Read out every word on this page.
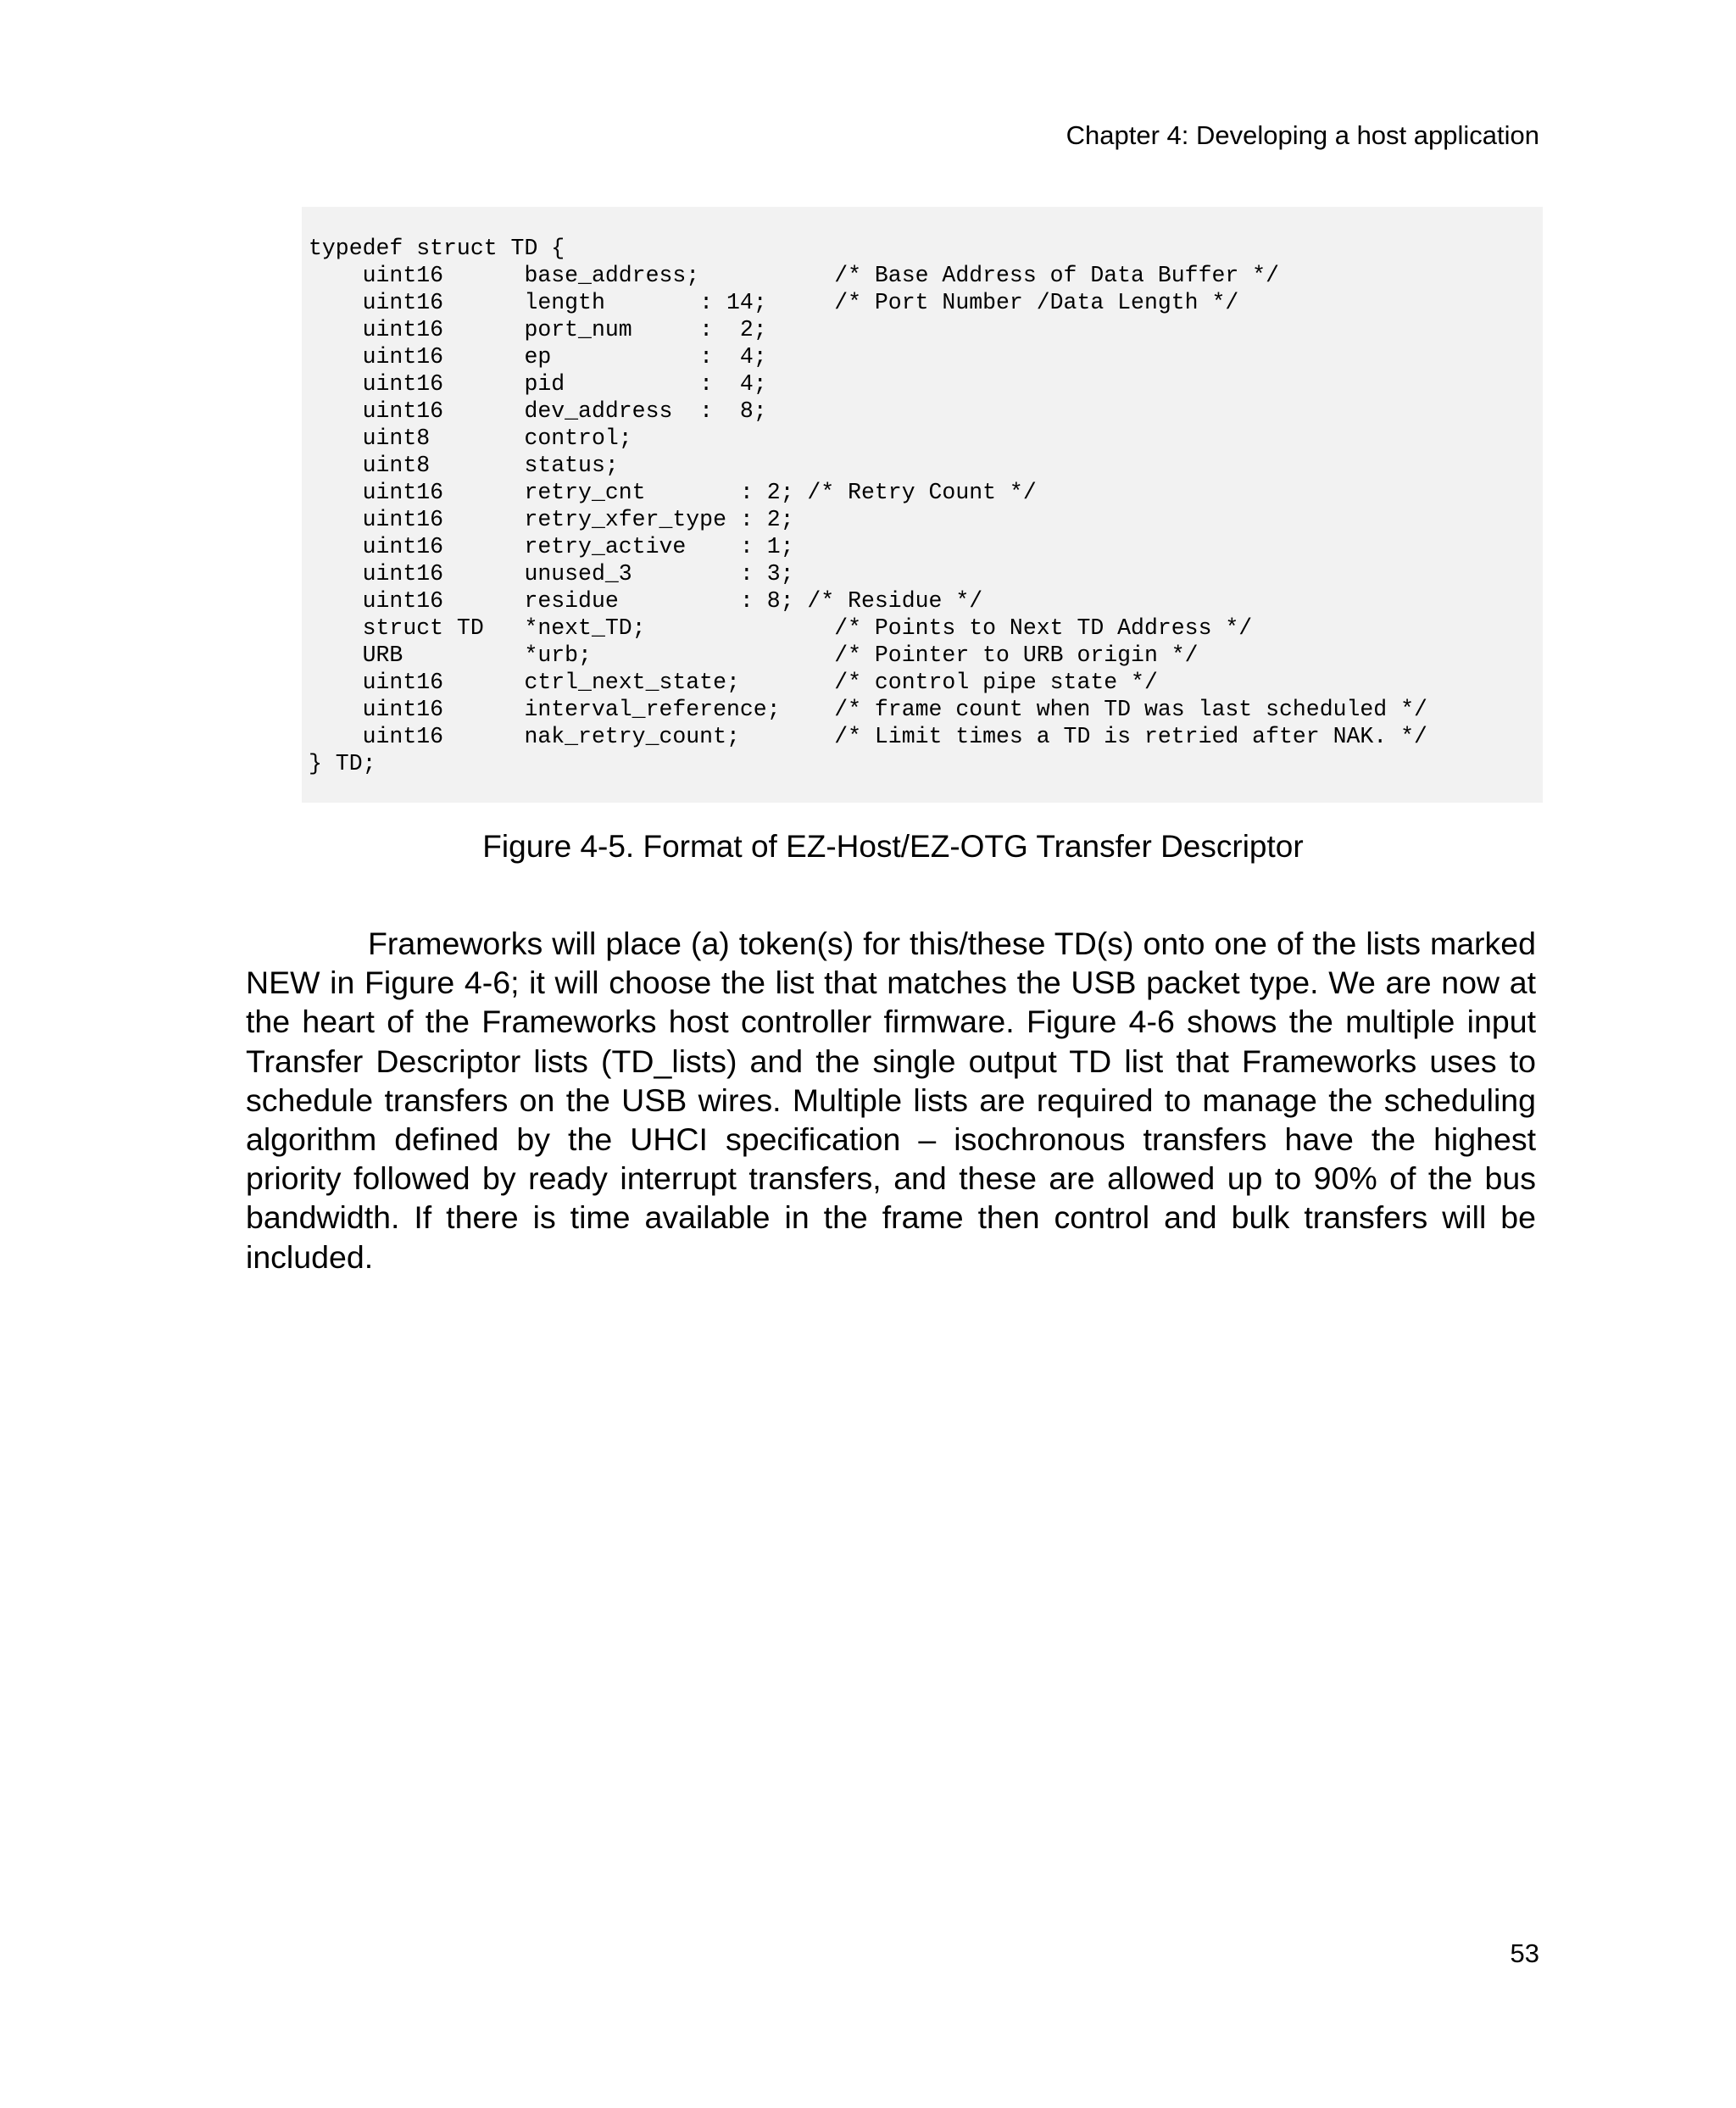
Chapter 4: Developing a host application
typedef struct TD {
uint16      base_address;          /* Base Address of Data Buffer */
uint16      length       : 14;     /* Port Number /Data Length */
uint16      port_num     :  2;
uint16      ep           :  4;
uint16      pid          :  4;
uint16      dev_address  :  8;
uint8       control;
uint8       status;
uint16      retry_cnt       : 2; /* Retry Count */
uint16      retry_xfer_type : 2;
uint16      retry_active    : 1;
uint16      unused_3        : 3;
uint16      residue         : 8; /* Residue */
struct TD   *next_TD;              /* Points to Next TD Address */
URB         *urb;                  /* Pointer to URB origin */
uint16      ctrl_next_state;       /* control pipe state */
uint16      interval_reference;    /* frame count when TD was last scheduled */
uint16      nak_retry_count;       /* Limit times a TD is retried after NAK. */
} TD;
Figure 4-5. Format of EZ-Host/EZ-OTG Transfer Descriptor

Frameworks will place (a) token(s) for this/these TD(s) onto one of the lists marked NEW in Figure 4-6; it will choose the list that matches the USB packet type. We are now at the heart of the Frameworks host controller firmware. Figure 4-6 shows the multiple input Transfer Descriptor lists (TD_lists) and the single output TD list that Frameworks uses to schedule transfers on the USB wires. Multiple lists are required to manage the scheduling algorithm defined by the UHCI specification – isochronous transfers have the highest priority followed by ready interrupt transfers, and these are allowed up to 90% of the bus bandwidth. If there is time available in the frame then control and bulk transfers will be included.

53
